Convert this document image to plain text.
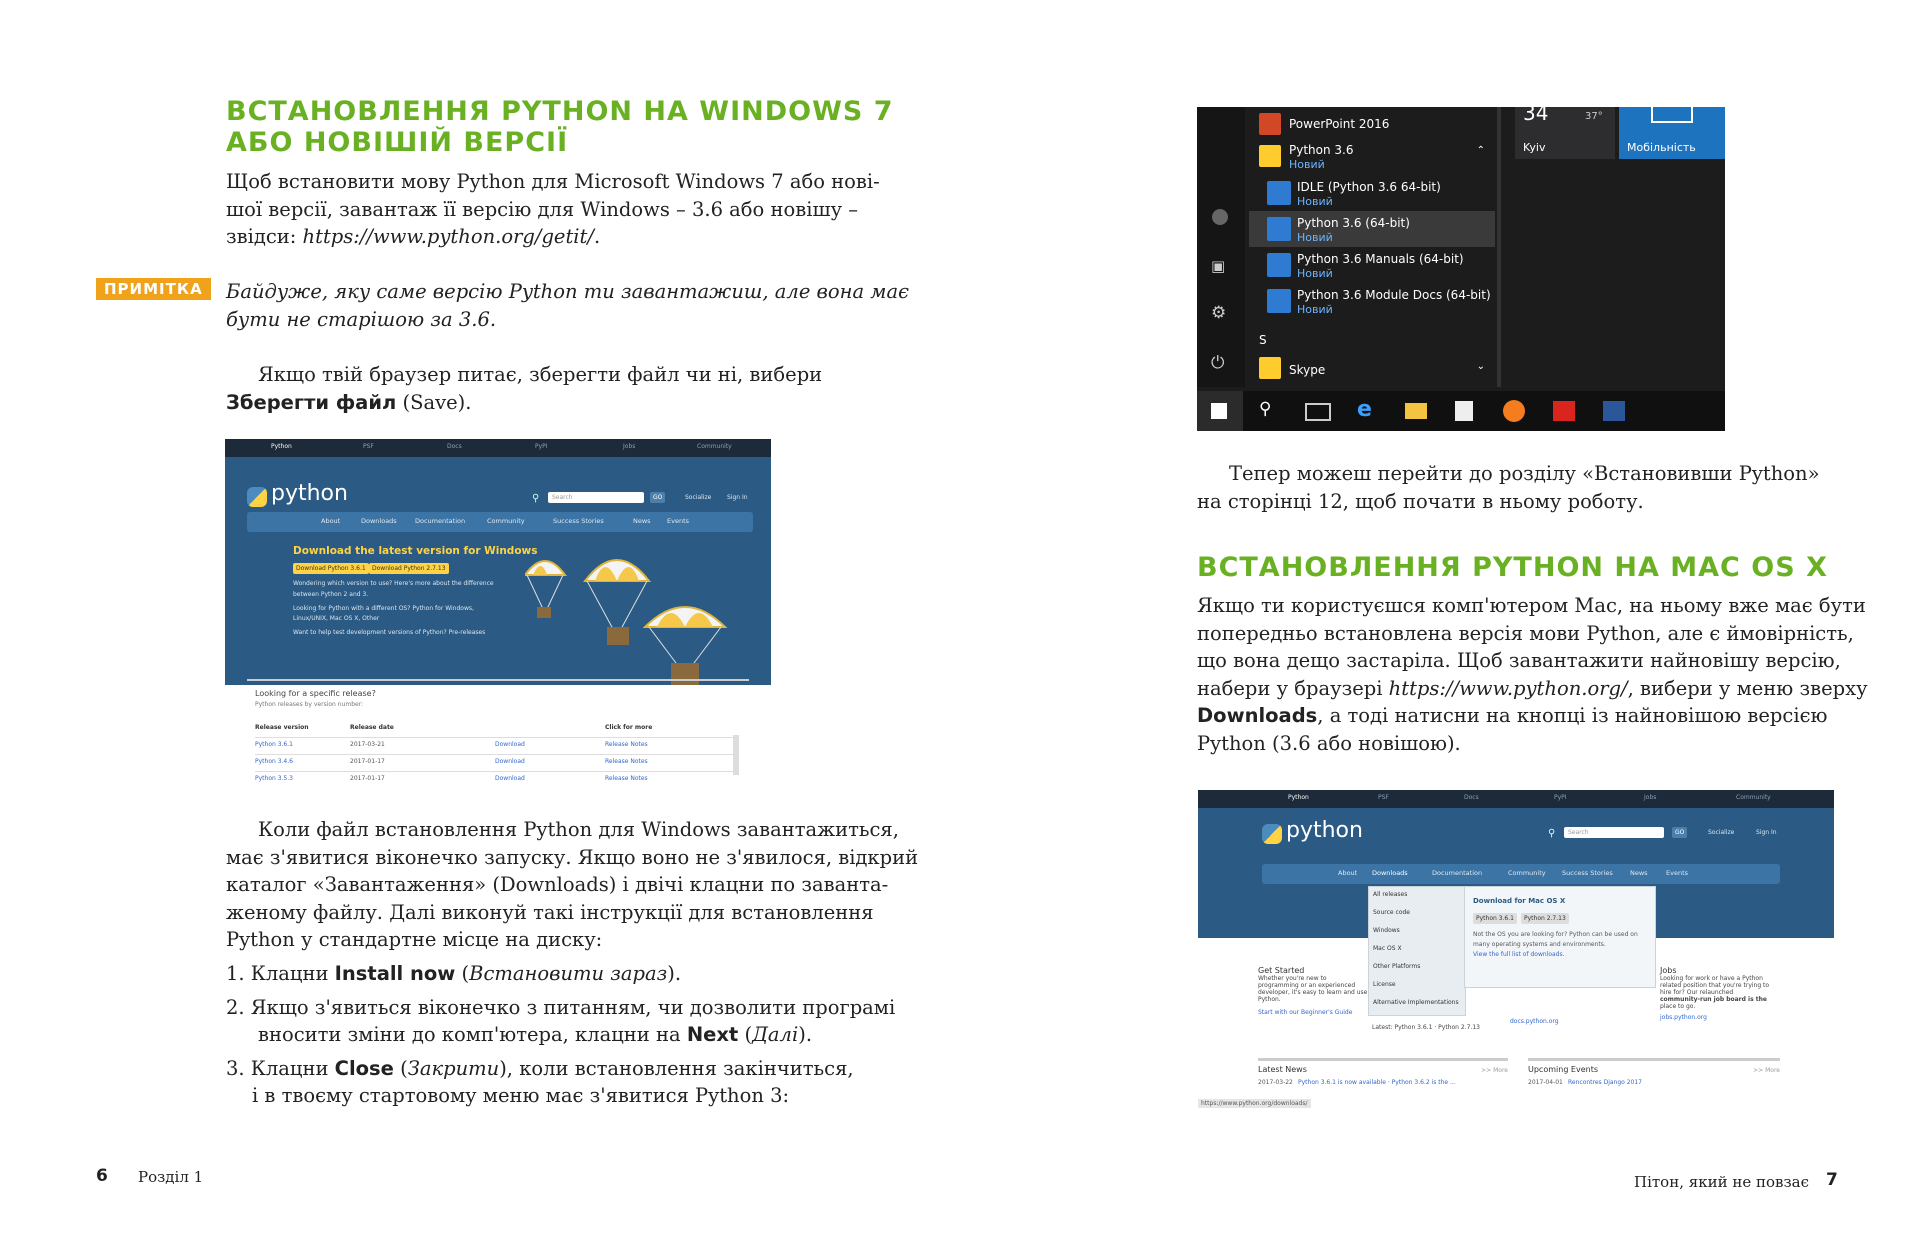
ВСТАНОВЛЕННЯ PYTHON НА WINDOWS 7
АБО НОВІШІЙ ВЕРСІЇ
Щоб встановити мову Python для Microsoft Windows 7 або нові-
шої версії, завантаж її версію для Windows – 3.6 або новішу –
звідси: https://www.python.org/getit/.
ПРИМІТКА	Байдуже, яку саме версію Python ти завантажиш, але вона має
бути не старішою за 3.6.
Якщо твій браузер питає, зберегти файл чи ні, вибери
Зберегти файл (Save).
Python	PSF	Docs	PyPI	Jobs	Community
python	⚲	Search	GO	Socialize	Sign In
About	Downloads	Documentation	Community	Success Stories	News	Events
Download the latest version for Windows
Download Python 3.6.1	Download Python 2.7.13
Wondering which version to use? Here's more about the difference
between Python 2 and 3.
Looking for Python with a different OS? Python for Windows,
Linux/UNIX, Mac OS X, Other
Want to help test development versions of Python? Pre-releases
Looking for a specific release?
Python releases by version number:
Release version	Release date	Click for more
Python 3.6.1	2017-03-21	Download	Release Notes
Python 3.4.6	2017-01-17	Download	Release Notes
Python 3.5.3	2017-01-17	Download	Release Notes
Коли файл встановлення Python для Windows завантажиться,
має з'явитися віконечко запуску. Якщо воно не з'явилося, відкрий
каталог «Завантаження» (Downloads) і двічі клацни по заванта-
женому файлу. Далі виконуй такі інструкції для встановлення
Python у стандартне місце на диску:
1. Клацни Install now (Встановити зараз).
2. Якщо з'явиться віконечко з питанням, чи дозволити програмі
вносити зміни до комп'ютера, клацни на Next (Далі).
3. Клацни Close (Закрити), коли встановлення закінчиться,
і в твоєму стартовому меню має з'явитися Python 3:
6 Розділ 1
▣
⚙
⏻
PowerPoint 2016
Python 3.6
Новий
⌃
IDLE (Python 3.6 64-bit)
Новий
Python 3.6 (64-bit)
Новий
Python 3.6 Manuals (64-bit)
Новий
Python 3.6 Module Docs (64-bit)
Новий
S
Skype	⌄
34	37°
Kyiv	Мобільність
⚲	e
Тепер можеш перейти до розділу «Встановивши Python»
на сторінці 12, щоб почати в ньому роботу.
ВСТАНОВЛЕННЯ PYTHON НА MAC OS X
Якщо ти користуєшся комп'ютером Mac, на ньому вже має бути
попередньо встановлена версія мови Python, але є ймовірність,
що вона дещо застаріла. Щоб завантажити найновішу версію,
набери у браузері https://www.python.org/, вибери у меню зверху
Downloads, а тоді натисни на кнопці із найновішою версією
Python (3.6 або новішою).
Python	PSF	Docs	PyPI	Jobs	Community
python	⚲	Search	GO	Socialize	Sign In
About Downloads	Documentation	Community	Success Stories	News	Events
All releases
Source code
Windows
Mac OS X
Other Platforms
License
Alternative Implementations
Download for Mac OS X
Python 3.6.1	Python 2.7.13
Not the OS you are looking for? Python can be used on
many operating systems and environments.
View the full list of downloads.
Get Started
Whether you're new to
programming or an experienced
developer, it's easy to learn and use
Python.
Start with our Beginner's Guide
Latest: Python 3.6.1 · Python 2.7.13
docs.python.org
Jobs
Looking for work or have a Python
related position that you're trying to
hire for? Our relaunched
community-run job board is the
place to go.
jobs.python.org
Latest News	>> More
2017-03-22 Python 3.6.1 is now available · Python 3.6.2 is the ...
Upcoming Events	>> More
2017-04-01 Rencontres Django 2017
https://www.python.org/downloads/
Пітон, який не повзає 7
